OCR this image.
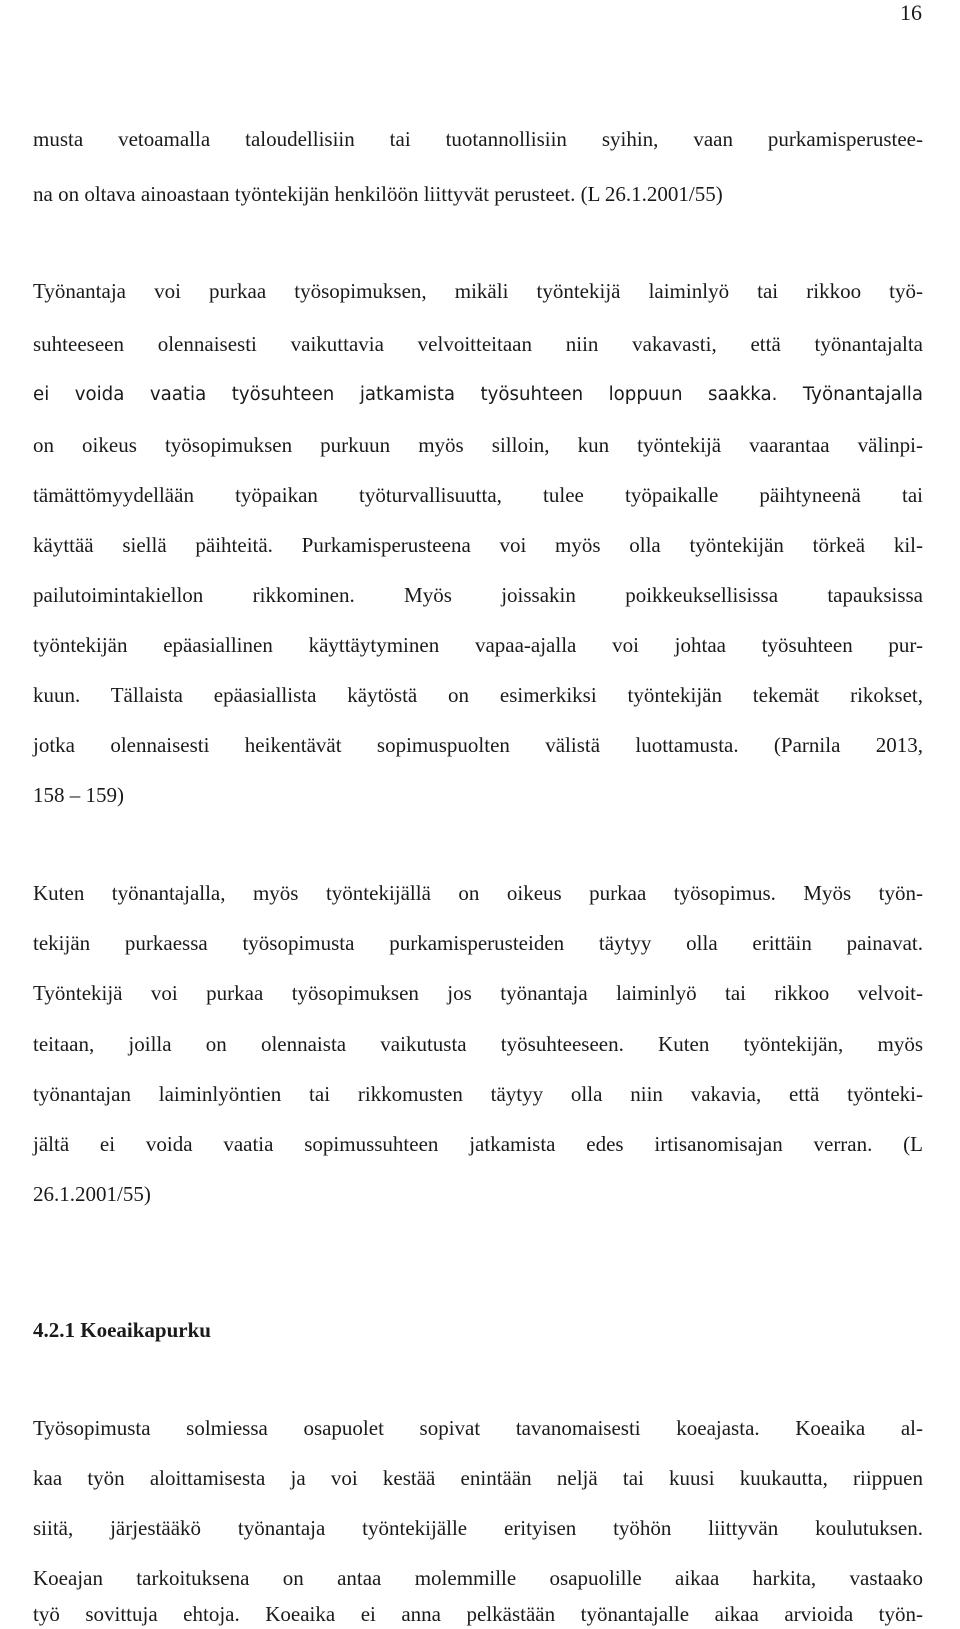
16
musta vetoamalla taloudellisiin tai tuotannollisiin syihin, vaan purkamisperustee-
na on oltava ainoastaan työntekijän henkilöön liittyvät perusteet. (L 26.1.2001/55)
Työnantaja voi purkaa työsopimuksen, mikäli työntekijä laiminlyö tai rikkoo työ-
suhteeseen olennaisesti vaikuttavia velvoitteitaan niin vakavasti, että työnantajalta
ei voida vaatia työsuhteen jatkamista työsuhteen loppuun saakka. Työnantajalla
on oikeus työsopimuksen purkuun myös silloin, kun työntekijä vaarantaa välinpi-
tämättömyydellään työpaikan työturvallisuutta, tulee työpaikalle päihtyneenä tai
käyttää siellä päihteitä. Purkamisperusteena voi myös olla työntekijän törkeä kil-
pailutoimintakiellon rikkominen. Myös joissakin poikkeuksellisissa tapauksissa
työntekijän epäasiallinen käyttäytyminen vapaa-ajalla voi johtaa työsuhteen pur-
kuun. Tällaista epäasiallista käytöstä on esimerkiksi työntekijän tekemät rikokset,
jotka olennaisesti heikentävät sopimuspuolten välistä luottamusta. (Parnila 2013,
158 – 159)
Kuten työnantajalla, myös työntekijällä on oikeus purkaa työsopimus. Myös työn-
tekijän purkaessa työsopimusta purkamisperusteiden täytyy olla erittäin painavat.
Työntekijä voi purkaa työsopimuksen jos työnantaja laiminlyö tai rikkoo velvoit-
teitaan, joilla on olennaista vaikutusta työsuhteeseen. Kuten työntekijän, myös
työnantajan laiminlyöntien tai rikkomusten täytyy olla niin vakavia, että työnteki-
jältä ei voida vaatia sopimussuhteen jatkamista edes irtisanomisajan verran. (L
26.1.2001/55)
4.2.1 Koeaikapurku
Työsopimusta solmiessa osapuolet sopivat tavanomaisesti koeajasta. Koeaika al-
kaa työn aloittamisesta ja voi kestää enintään neljä tai kuusi kuukautta, riippuen
siitä, järjestääkö työnantaja työntekijälle erityisen työhön liittyvän koulutuksen.
Koeajan tarkoituksena on antaa molemmille osapuolille aikaa harkita, vastaako
työ sovittuja ehtoja. Koeaika ei anna pelkästään työnantajalle aikaa arvioida työn-
